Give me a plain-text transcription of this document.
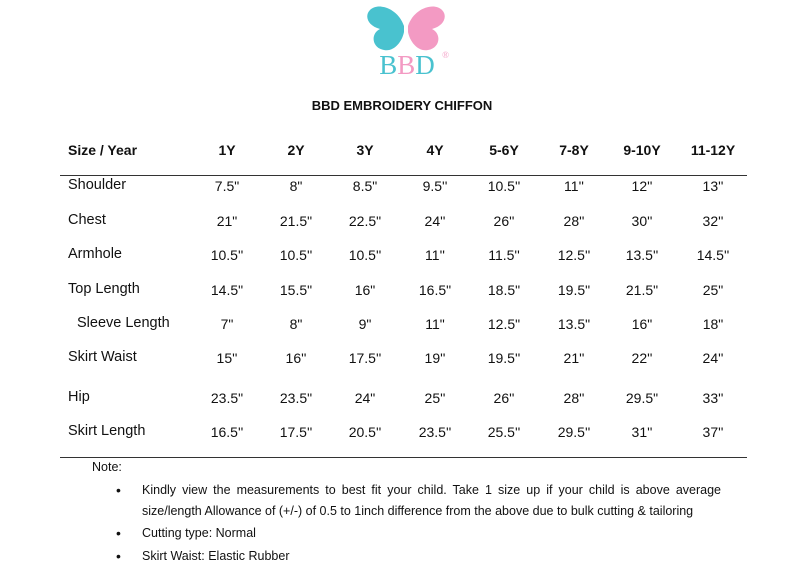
BBD ®
BBD EMBROIDERY CHIFFON
Size / Year	1Y	2Y	3Y	4Y	5-6Y	7-8Y	9-10Y	11-12Y
Shoulder	7.5"	8"	8.5"	9.5''	10.5''	11''	12''	13''
Chest	21"	21.5"	22.5"	24''	26''	28''	30''	32''
Armhole	10.5''	10.5''	10.5''	11''	11.5''	12.5''	13.5''	14.5''
Top Length	14.5"	15.5"	16"	16.5"	18.5"	19.5"	21.5"	25"
Sleeve Length	7"	8"	9"	11"	12.5"	13.5"	16"	18"
Skirt Waist	15''	16''	17.5''	19''	19.5''	21''	22''	24''
Hip	23.5"	23.5"	24"	25''	26''	28''	29.5"	33''
Skirt Length	16.5''	17.5''	20.5''	23.5''	25.5''	29.5''	31''	37''
Note:
• Kindly view the measurements to best fit your child. Take 1 size up if your child is above average size/length Allowance of (+/-) of 0.5 to 1inch difference from the above due to bulk cutting & tailoring
• Cutting type: Normal
• Skirt Waist: Elastic Rubber
